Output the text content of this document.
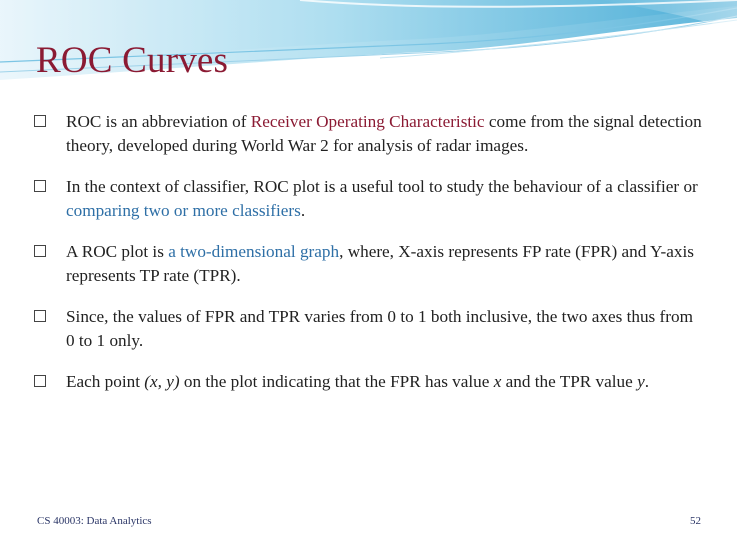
ROC Curves
ROC is an abbreviation of Receiver Operating Characteristic come from the signal detection theory, developed during World War 2 for analysis of radar images.
In the context of classifier, ROC plot is a useful tool to study the behaviour of a classifier or comparing two or more classifiers.
A ROC plot is a two-dimensional graph, where, X-axis represents FP rate (FPR) and Y-axis represents TP rate (TPR).
Since, the values of FPR and TPR varies from 0 to 1 both inclusive, the two axes thus from 0 to 1 only.
Each point (x, y) on the plot indicating that the FPR has value x and the TPR value y.
CS 40003: Data Analytics	52
